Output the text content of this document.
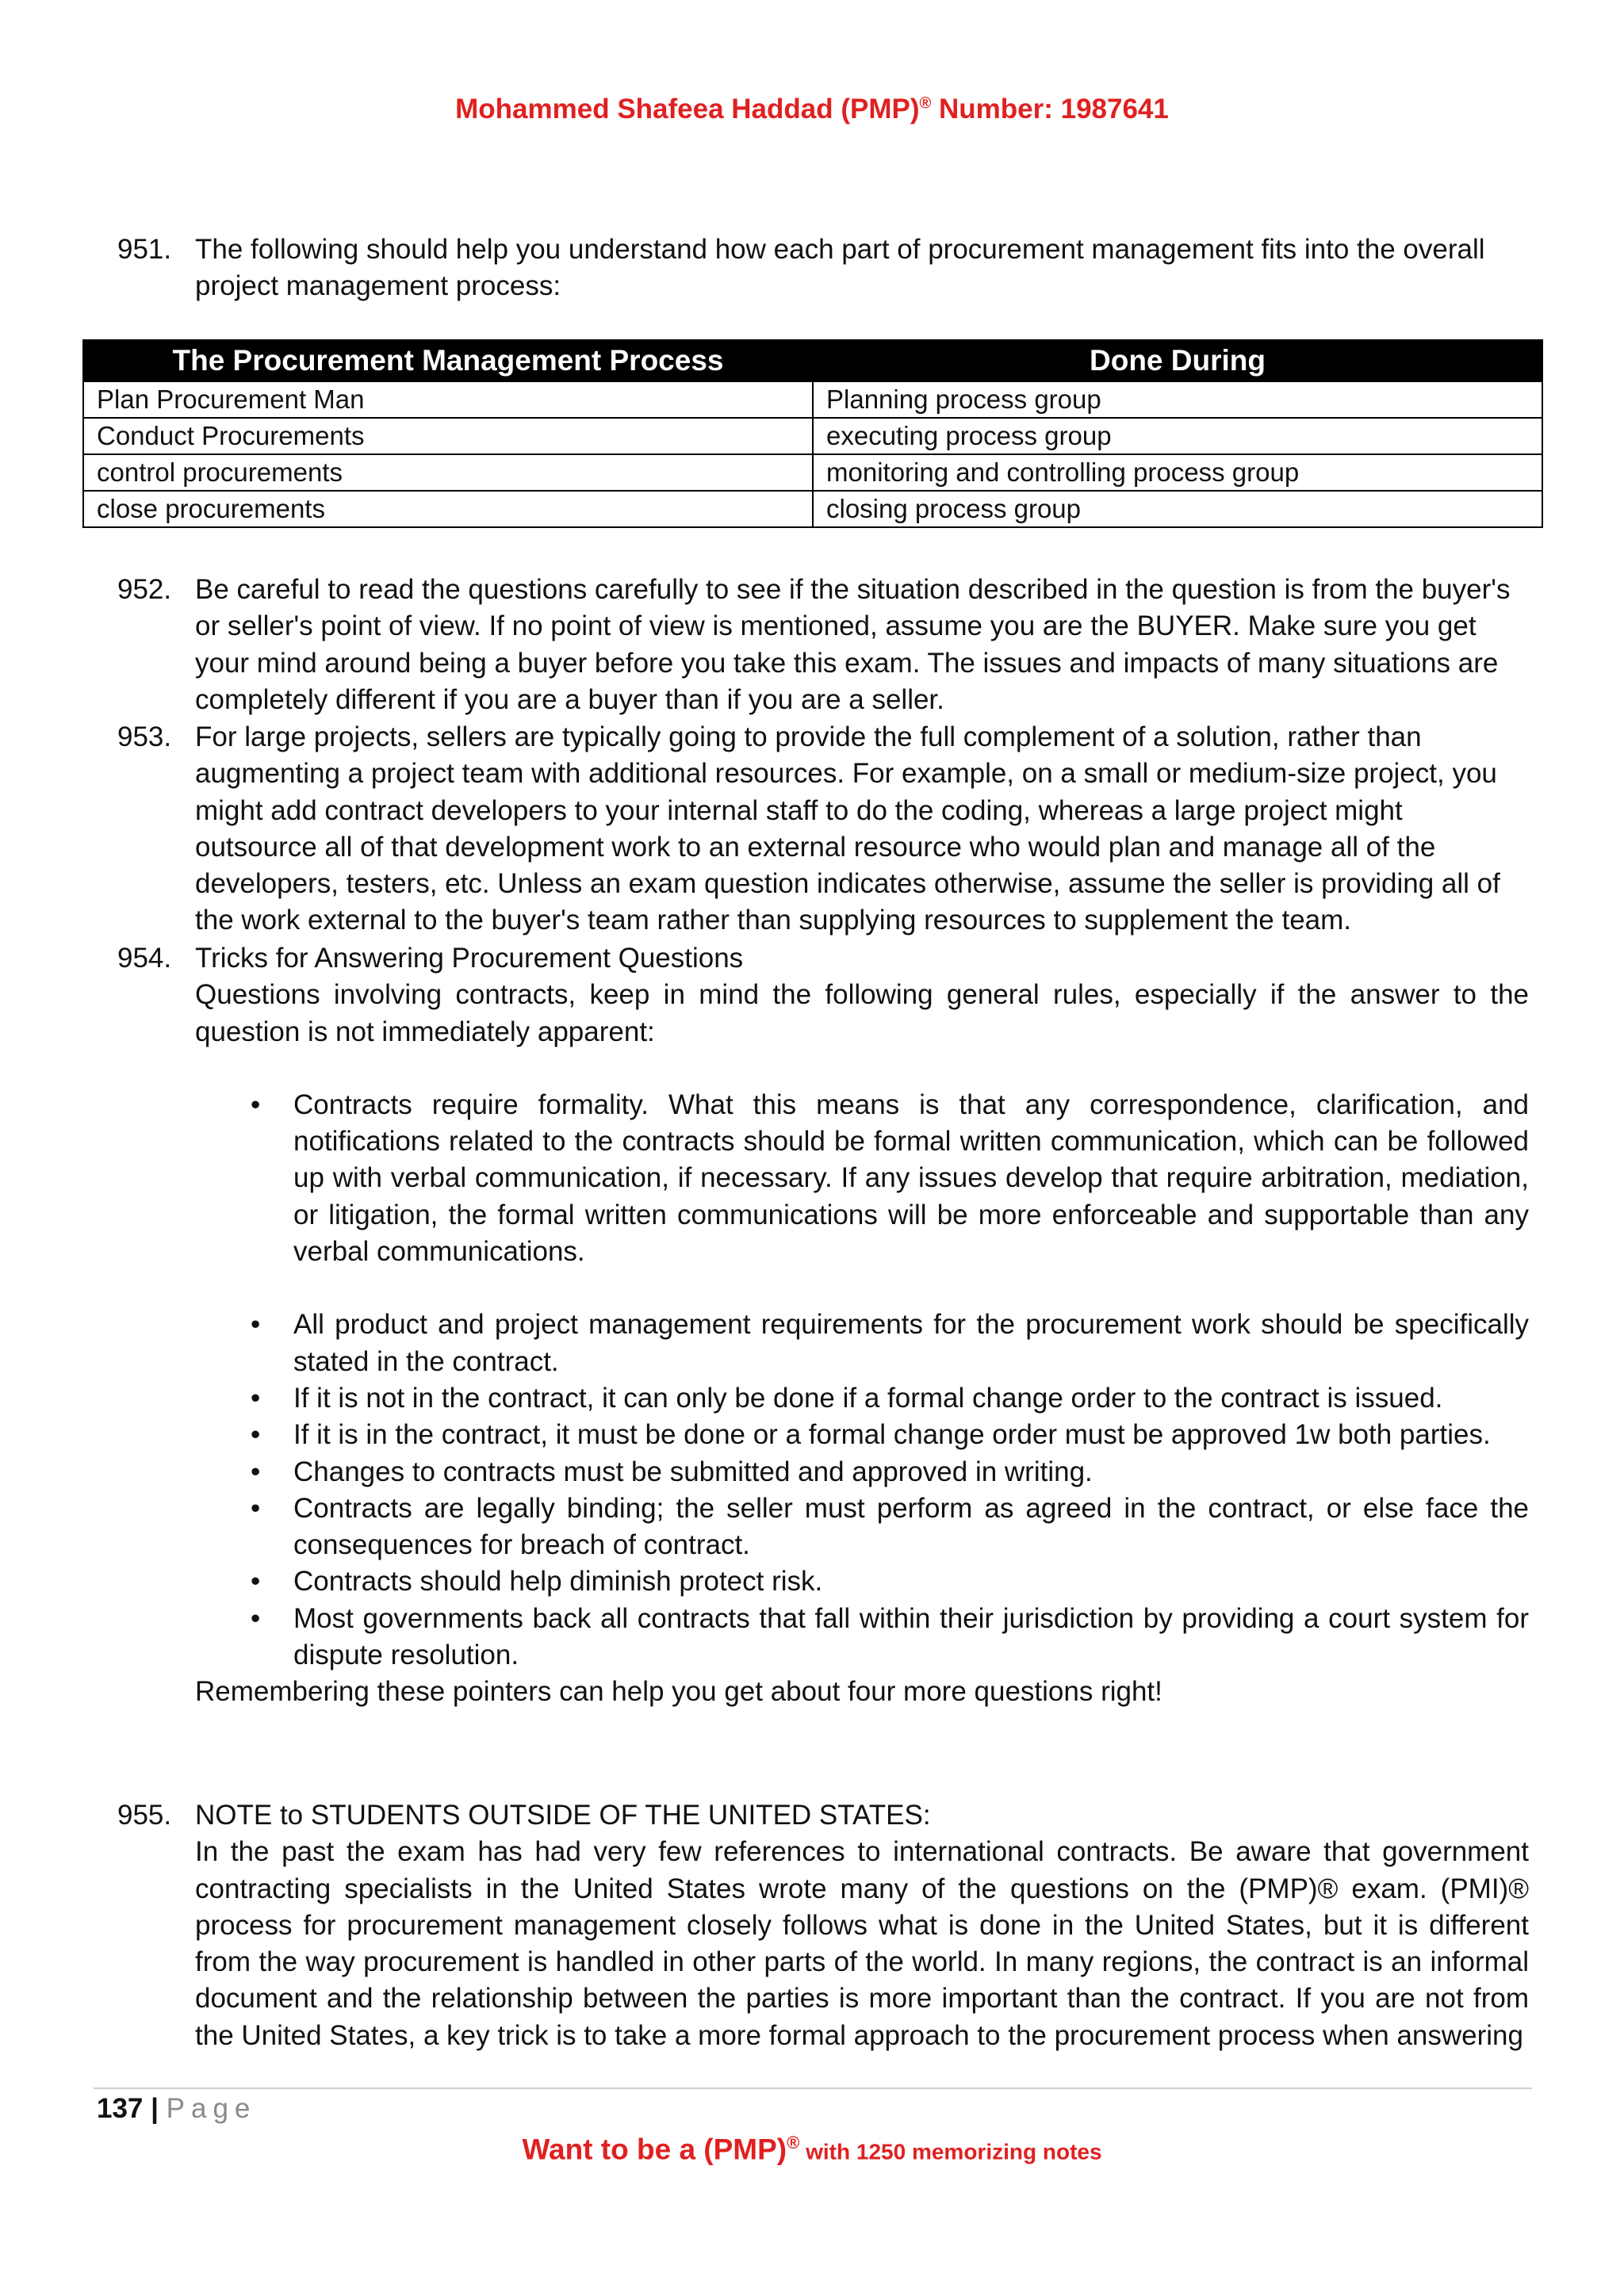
Mohammed Shafeea Haddad (PMP)® Number: 1987641
951. The following should help you understand how each part of procurement management fits into the overall project management process:
The Procurement Management Process	Done During
Plan Procurement Man	Planning process group
Conduct Procurements	executing process group
control procurements	monitoring and controlling process group
close procurements	closing process group
952. Be careful to read the questions carefully to see if the situation described in the question is from the buyer's or seller's point of view. If no point of view is mentioned, assume you are the BUYER. Make sure you get your mind around being a buyer before you take this exam. The issues and impacts of many situations are completely different if you are a buyer than if you are a seller.
953. For large projects, sellers are typically going to provide the full complement of a solution, rather than augmenting a project team with additional resources. For example, on a small or medium-size project, you might add contract developers to your internal staff to do the coding, whereas a large project might outsource all of that development work to an external resource who would plan and manage all of the developers, testers, etc. Unless an exam question indicates otherwise, assume the seller is providing all of the work external to the buyer's team rather than supplying resources to supplement the team.
954. Tricks for Answering Procurement Questions
Questions involving contracts, keep in mind the following general rules, especially if the answer to the question is not immediately apparent:
• Contracts require formality. What this means is that any correspondence, clarification, and notifications related to the contracts should be formal written communication, which can be followed up with verbal communication, if necessary. If any issues develop that require arbitration, mediation, or litigation, the formal written communications will be more enforceable and supportable than any verbal communications.
• All product and project management requirements for the procurement work should be specifically stated in the contract.
• If it is not in the contract, it can only be done if a formal change order to the contract is issued.
• If it is in the contract, it must be done or a formal change order must be approved 1w both parties.
• Changes to contracts must be submitted and approved in writing.
• Contracts are legally binding; the seller must perform as agreed in the contract, or else face the consequences for breach of contract.
• Contracts should help diminish protect risk.
• Most governments back all contracts that fall within their jurisdiction by providing a court system for dispute resolution.
Remembering these pointers can help you get about four more questions right!
955. NOTE to STUDENTS OUTSIDE OF THE UNITED STATES:
In the past the exam has had very few references to international contracts. Be aware that government contracting specialists in the United States wrote many of the questions on the (PMP)® exam. (PMI)® process for procurement management closely follows what is done in the United States, but it is different from the way procurement is handled in other parts of the world. In many regions, the contract is an informal document and the relationship between the parties is more important than the contract. If you are not from the United States, a key trick is to take a more formal approach to the procurement process when answering
137 | Page
Want to be a (PMP)® with 1250 memorizing notes
